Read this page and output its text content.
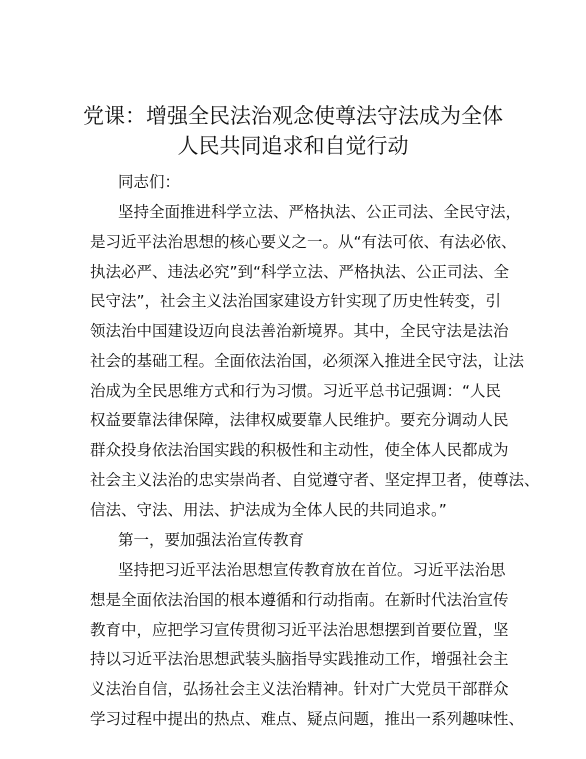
党课：增强全民法治观念使尊法守法成为全体
人民共同追求和自觉行动
同志们：
坚持全面推进科学立法、严格执法、公正司法、全民守法，
是习近平法治思想的核心要义之一。从“有法可依、有法必依、
执法必严、违法必究”到“科学立法、严格执法、公正司法、全
民守法”，社会主义法治国家建设方针实现了历史性转变，引
领法治中国建设迈向良法善治新境界。其中，全民守法是法治
社会的基础工程。全面依法治国，必须深入推进全民守法，让法
治成为全民思维方式和行为习惯。习近平总书记强调：“人民
权益要靠法律保障，法律权威要靠人民维护。要充分调动人民
群众投身依法治国实践的积极性和主动性，使全体人民都成为
社会主义法治的忠实崇尚者、自觉遵守者、坚定捍卫者，使尊法、
信法、守法、用法、护法成为全体人民的共同追求。”
第一，要加强法治宣传教育
坚持把习近平法治思想宣传教育放在首位。习近平法治思
想是全面依法治国的根本遵循和行动指南。在新时代法治宣传
教育中，应把学习宣传贯彻习近平法治思想摆到首要位置，坚
持以习近平法治思想武装头脑指导实践推动工作，增强社会主
义法治自信，弘扬社会主义法治精神。针对广大党员干部群众
学习过程中提出的热点、难点、疑点问题，推出一系列趣味性、
